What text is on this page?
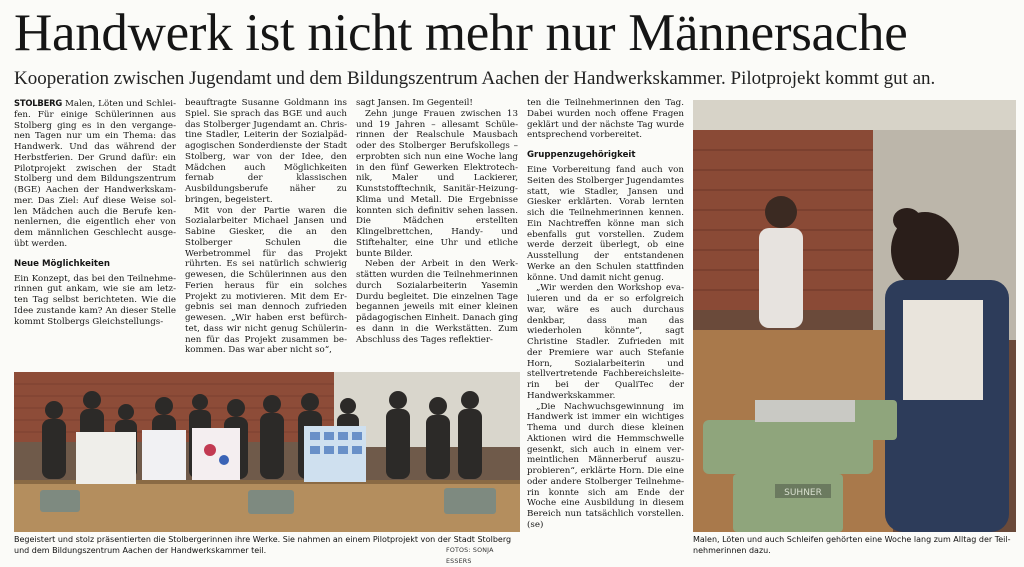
Handwerk ist nicht mehr nur Männersache

Kooperation zwischen Jugendamt und dem Bildungszentrum Aachen der Handwerkskammer. Pilotprojekt kommt gut an.

STOLBERG Malen, Löten und Schleifen. Für einige Schülerinnen aus Stolberg ging es in den vergangenen Tagen nur um ein Thema: das Handwerk. Und das während der Herbstferien. Der Grund dafür: ein Pilotprojekt zwischen der Stadt Stolberg und dem Bildungszentrum (BGE) Aachen der Handwerkskammer. Das Ziel: Auf diese Weise sollen Mädchen auch die Berufe kennenlernen, die eigentlich eher von dem männlichen Geschlecht ausgeübt werden.

Neue Möglichkeiten

Ein Konzept, das bei den Teilnehmerinnen gut ankam, wie sie am letzten Tag selbst berichteten. Wie die Idee zustande kam? An dieser Stelle kommt Stolbergs Gleichstellungs-

beauftragte Susanne Goldmann ins Spiel. Sie sprach das BGE und auch das Stolberger Jugendamt an. Christine Stadler, Leiterin der Sozialpädagogischen Sonderdienste der Stadt Stolberg, war von der Idee, den Mädchen auch Möglichkeiten fernab der klassischen Ausbildungsberufe näher zu bringen, begeistert.

Mit von der Partie waren die Sozialarbeiter Michael Jansen und Sabine Giesker, die an den Stolberger Schulen die Werbetrommel für das Projekt rührten. Es sei natürlich schwierig gewesen, die Schülerinnen aus den Ferien heraus für ein solches Projekt zu motivieren. Mit dem Ergebnis sei man dennoch zufrieden gewesen. „Wir haben erst befürchtet, dass wir nicht genug Schülerinnen für das Projekt zusammen bekommen. Das war aber nicht so“,

sagt Jansen. Im Gegenteil!

Zehn junge Frauen zwischen 13 und 19 Jahren – allesamt Schülerinnen der Realschule Mausbach oder des Stolberger Berufskollegs – erprobten sich nun eine Woche lang in den fünf Gewerken Elektrotechnik, Maler und Lackierer, Kunststofftechnik, Sanitär-Heizung-Klima und Metall. Die Ergebnisse konnten sich definitiv sehen lassen. Die Mädchen erstellten Klingelbrettchen, Handy- und Stiftehalter, eine Uhr und etliche bunte Bilder.

Neben der Arbeit in den Werkstätten wurden die Teilnehmerinnen durch Sozialarbeiterin Yasemin Durdu begleitet. Die einzelnen Tage begannen jeweils mit einer kleinen pädagogischen Einheit. Danach ging es dann in die Werkstätten. Zum Abschluss des Tages reflektier-

ten die Teilnehmerinnen den Tag. Dabei wurden noch offene Fragen geklärt und der nächste Tag wurde entsprechend vorbereitet.

Gruppenzugehörigkeit

Eine Vorbereitung fand auch von Seiten des Stolberger Jugendamtes statt, wie Stadler, Jansen und Giesker erklärten. Vorab lernten sich die Teilnehmerinnen kennen. Ein Nachtreffen könne man sich ebenfalls gut vorstellen. Zudem werde derzeit überlegt, ob eine Ausstellung der entstandenen Werke an den Schulen stattfinden könne. Und damit nicht genug.

„Wir werden den Workshop evaluieren und da er so erfolgreich war, wäre es auch durchaus denkbar, dass man das wiederholen könnte“, sagt Christine Stadler. Zufrieden mit der Premiere war auch Stefanie Horn, Sozialarbeiterin und stellvertretende Fachbereichsleiterin bei der QualiTec der Handwerkskammer.

„Die Nachwuchsgewinnung im Handwerk ist immer ein wichtiges Thema und durch diese kleinen Aktionen wird die Hemmschwelle gesenkt, sich auch in einem vermeintlichen Männerberuf auszuprobieren“, erklärte Horn. Die eine oder andere Stolberger Teilnehmerin konnte sich am Ende der Woche eine Ausbildung in diesem Bereich nun tatsächlich vorstellen. (se)

Begeistert und stolz präsentierten die Stolbergerinnen ihre Werke. Sie nahmen an einem Pilotprojekt von der Stadt Stolberg und dem Bildungszentrum Aachen der Handwerkskammer teil.	FOTOS: SONJA ESSERS
SUHNER
Malen, Löten und auch Schleifen gehörten eine Woche lang zum Alltag der Teilnehmerinnen dazu.
